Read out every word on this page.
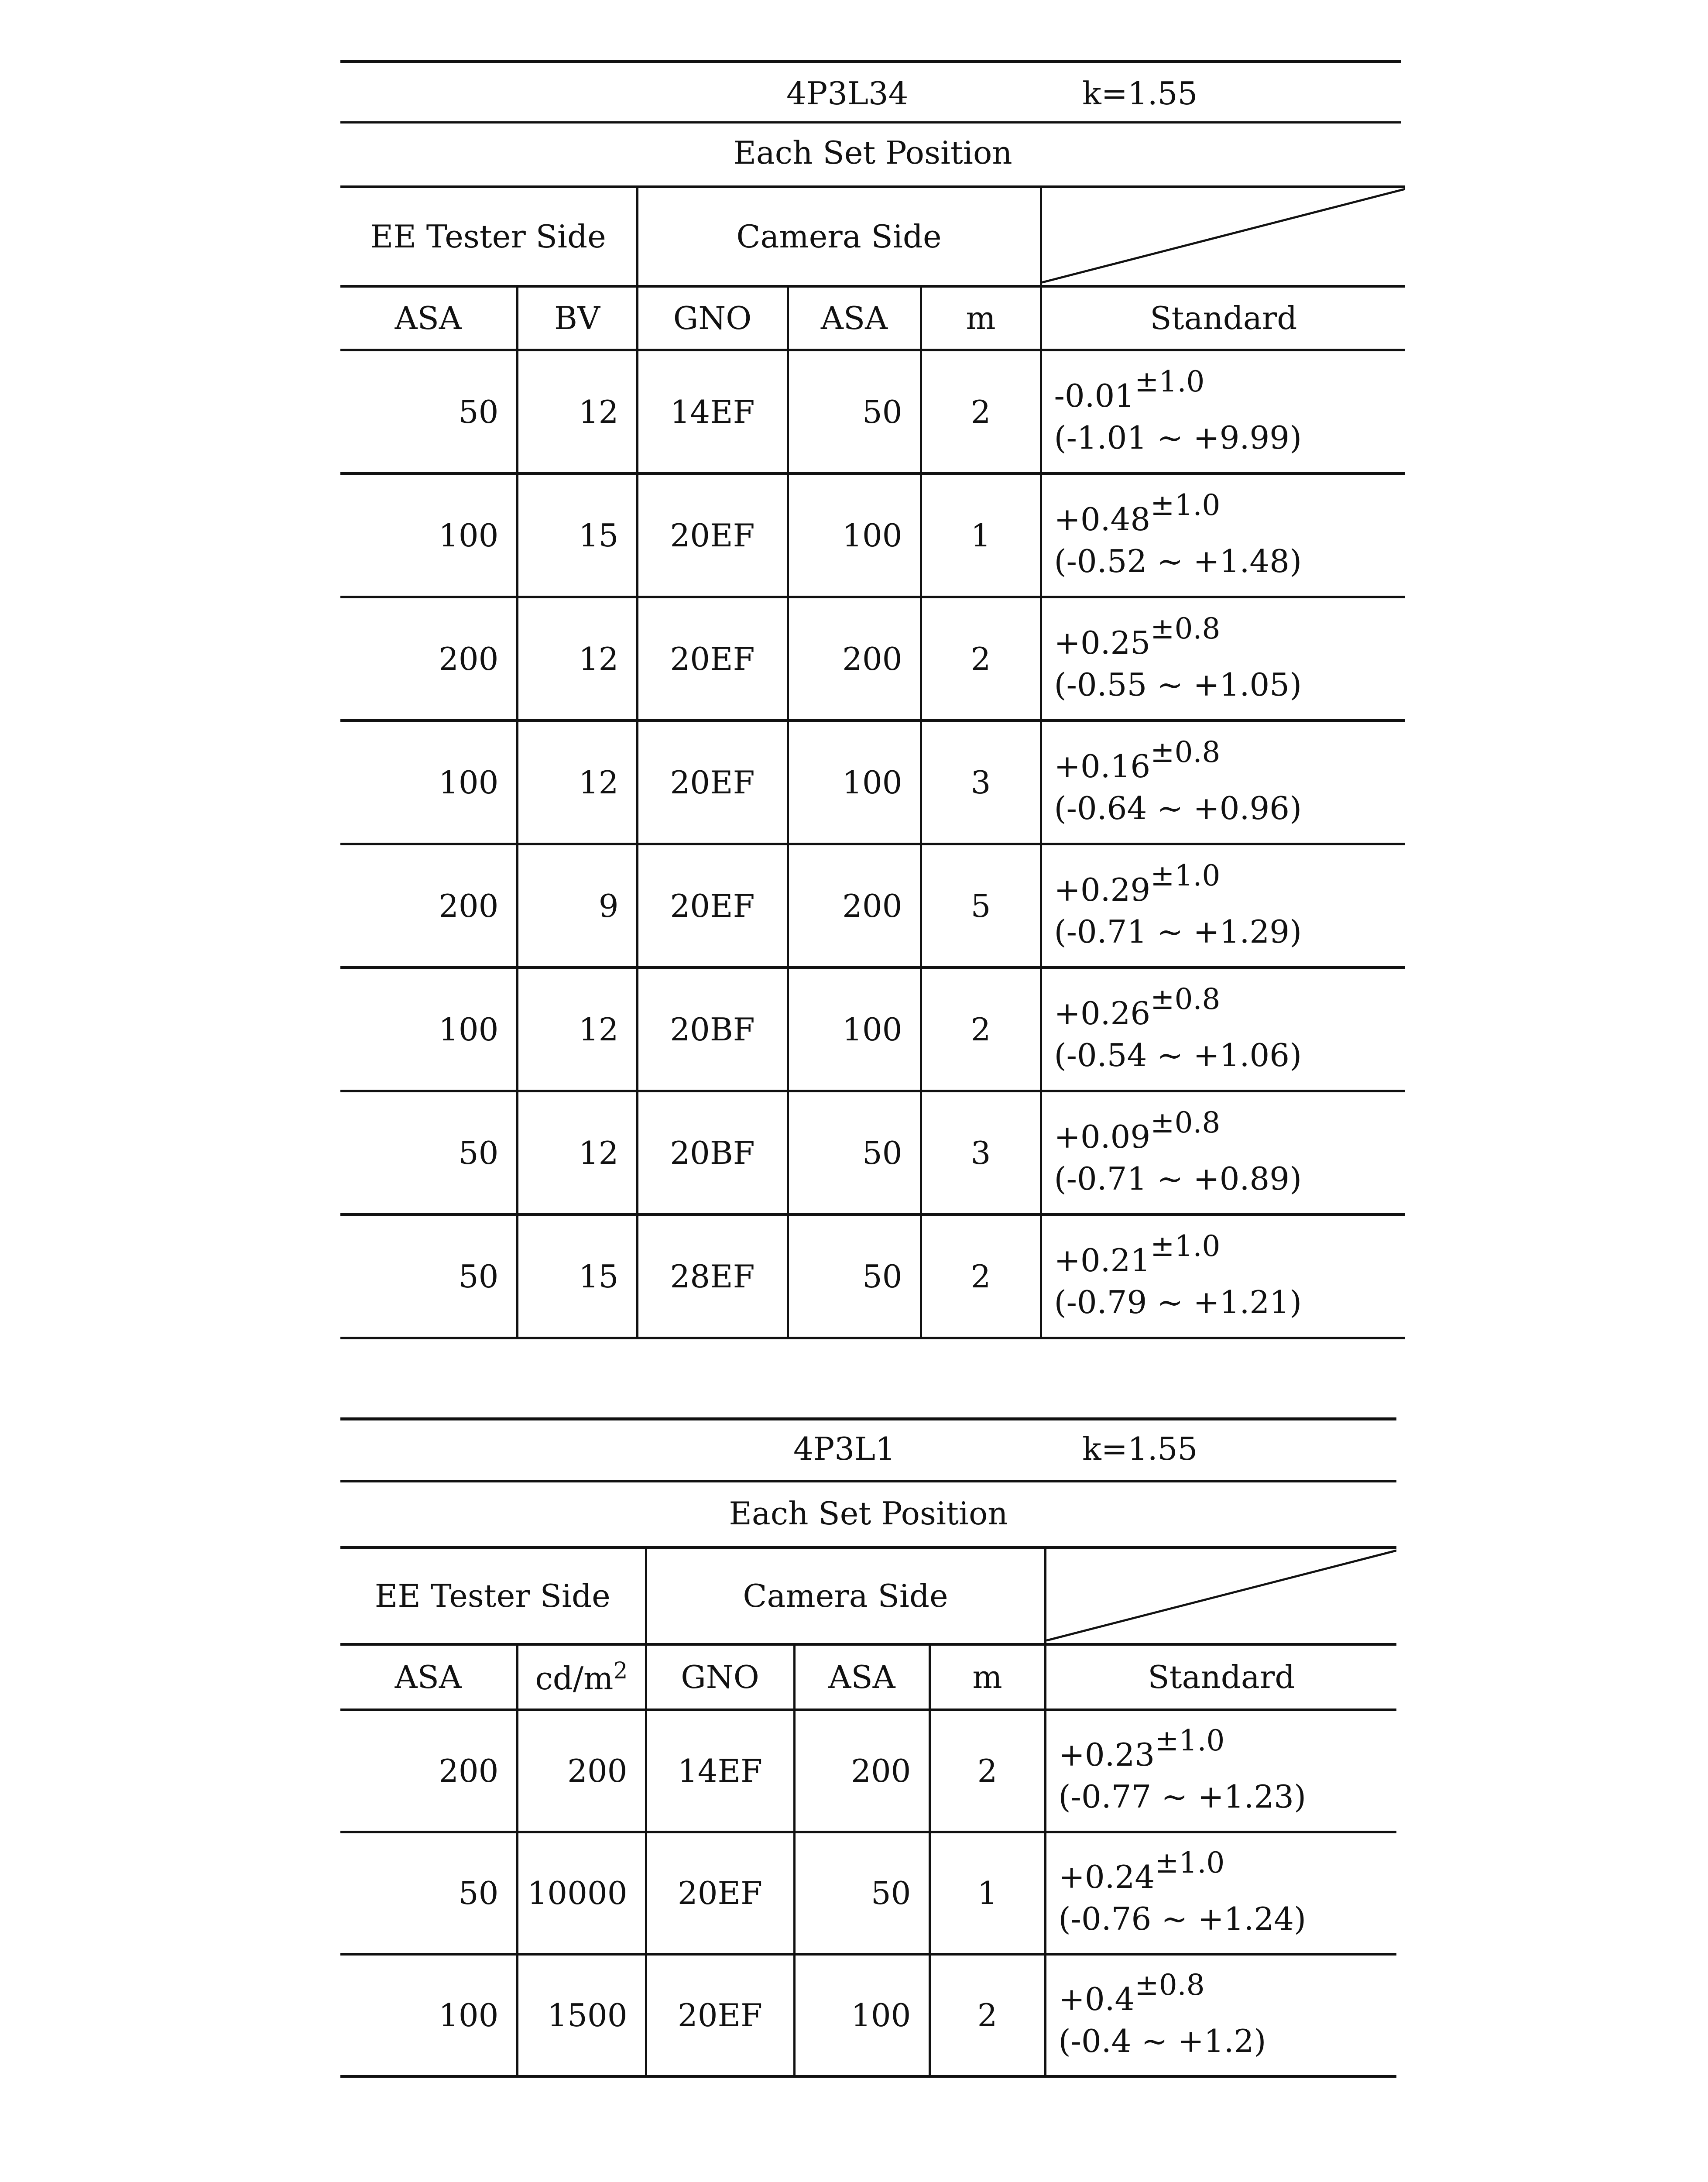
4P3L34	k=1.55
Each Set Position
EE Tester Side		Camera Side	

ASA	BV	GNO	ASA	m	Standard
50	12	14EF	50	2	$-0.01^{\pm 1.0}$
(-1.01 ~ +9.99)

100	15	20EF	100	1	$+0.48^{\pm 1.0}$
(-0.52 ~ +1.48)

200	12	20EF	200	2	$+0.25^{\pm 0.8}$
(-0.55 ~ +1.05)

100	12	20EF	100	3	$+0.16^{\pm 0.8}$
(-0.64 ~ +0.96)

200	9	20EF	200	5	$+0.29^{\pm 1.0}$
(-0.71 ~ +1.29)

100	12	20BF	100	2	$+0.26^{\pm 0.8}$
(-0.54 ~ +1.06)

50	12	20BF	50	3	$+0.09^{\pm 0.8}$
(-0.71 ~ +0.89)

50	15	28EF	50	2	$+0.21^{\pm 1.0}$
(-0.79 ~ +1.21)
4P3L1	k=1.55
Each Set Position
EE Tester Side		Camera Side	

ASA	$cd/m^2$	GNO	ASA	m	Standard
200	200	14EF	200	2	$+0.23^{\pm 1.0}$
(-0.77 ~ +1.23)

50	10000	20EF	50	1	$+0.24^{\pm 1.0}$
(-0.76 ~ +1.24)

100	1500	20EF	100	2	$+0.4^{\pm 0.8}$
(-0.4 ~ +1.2)
